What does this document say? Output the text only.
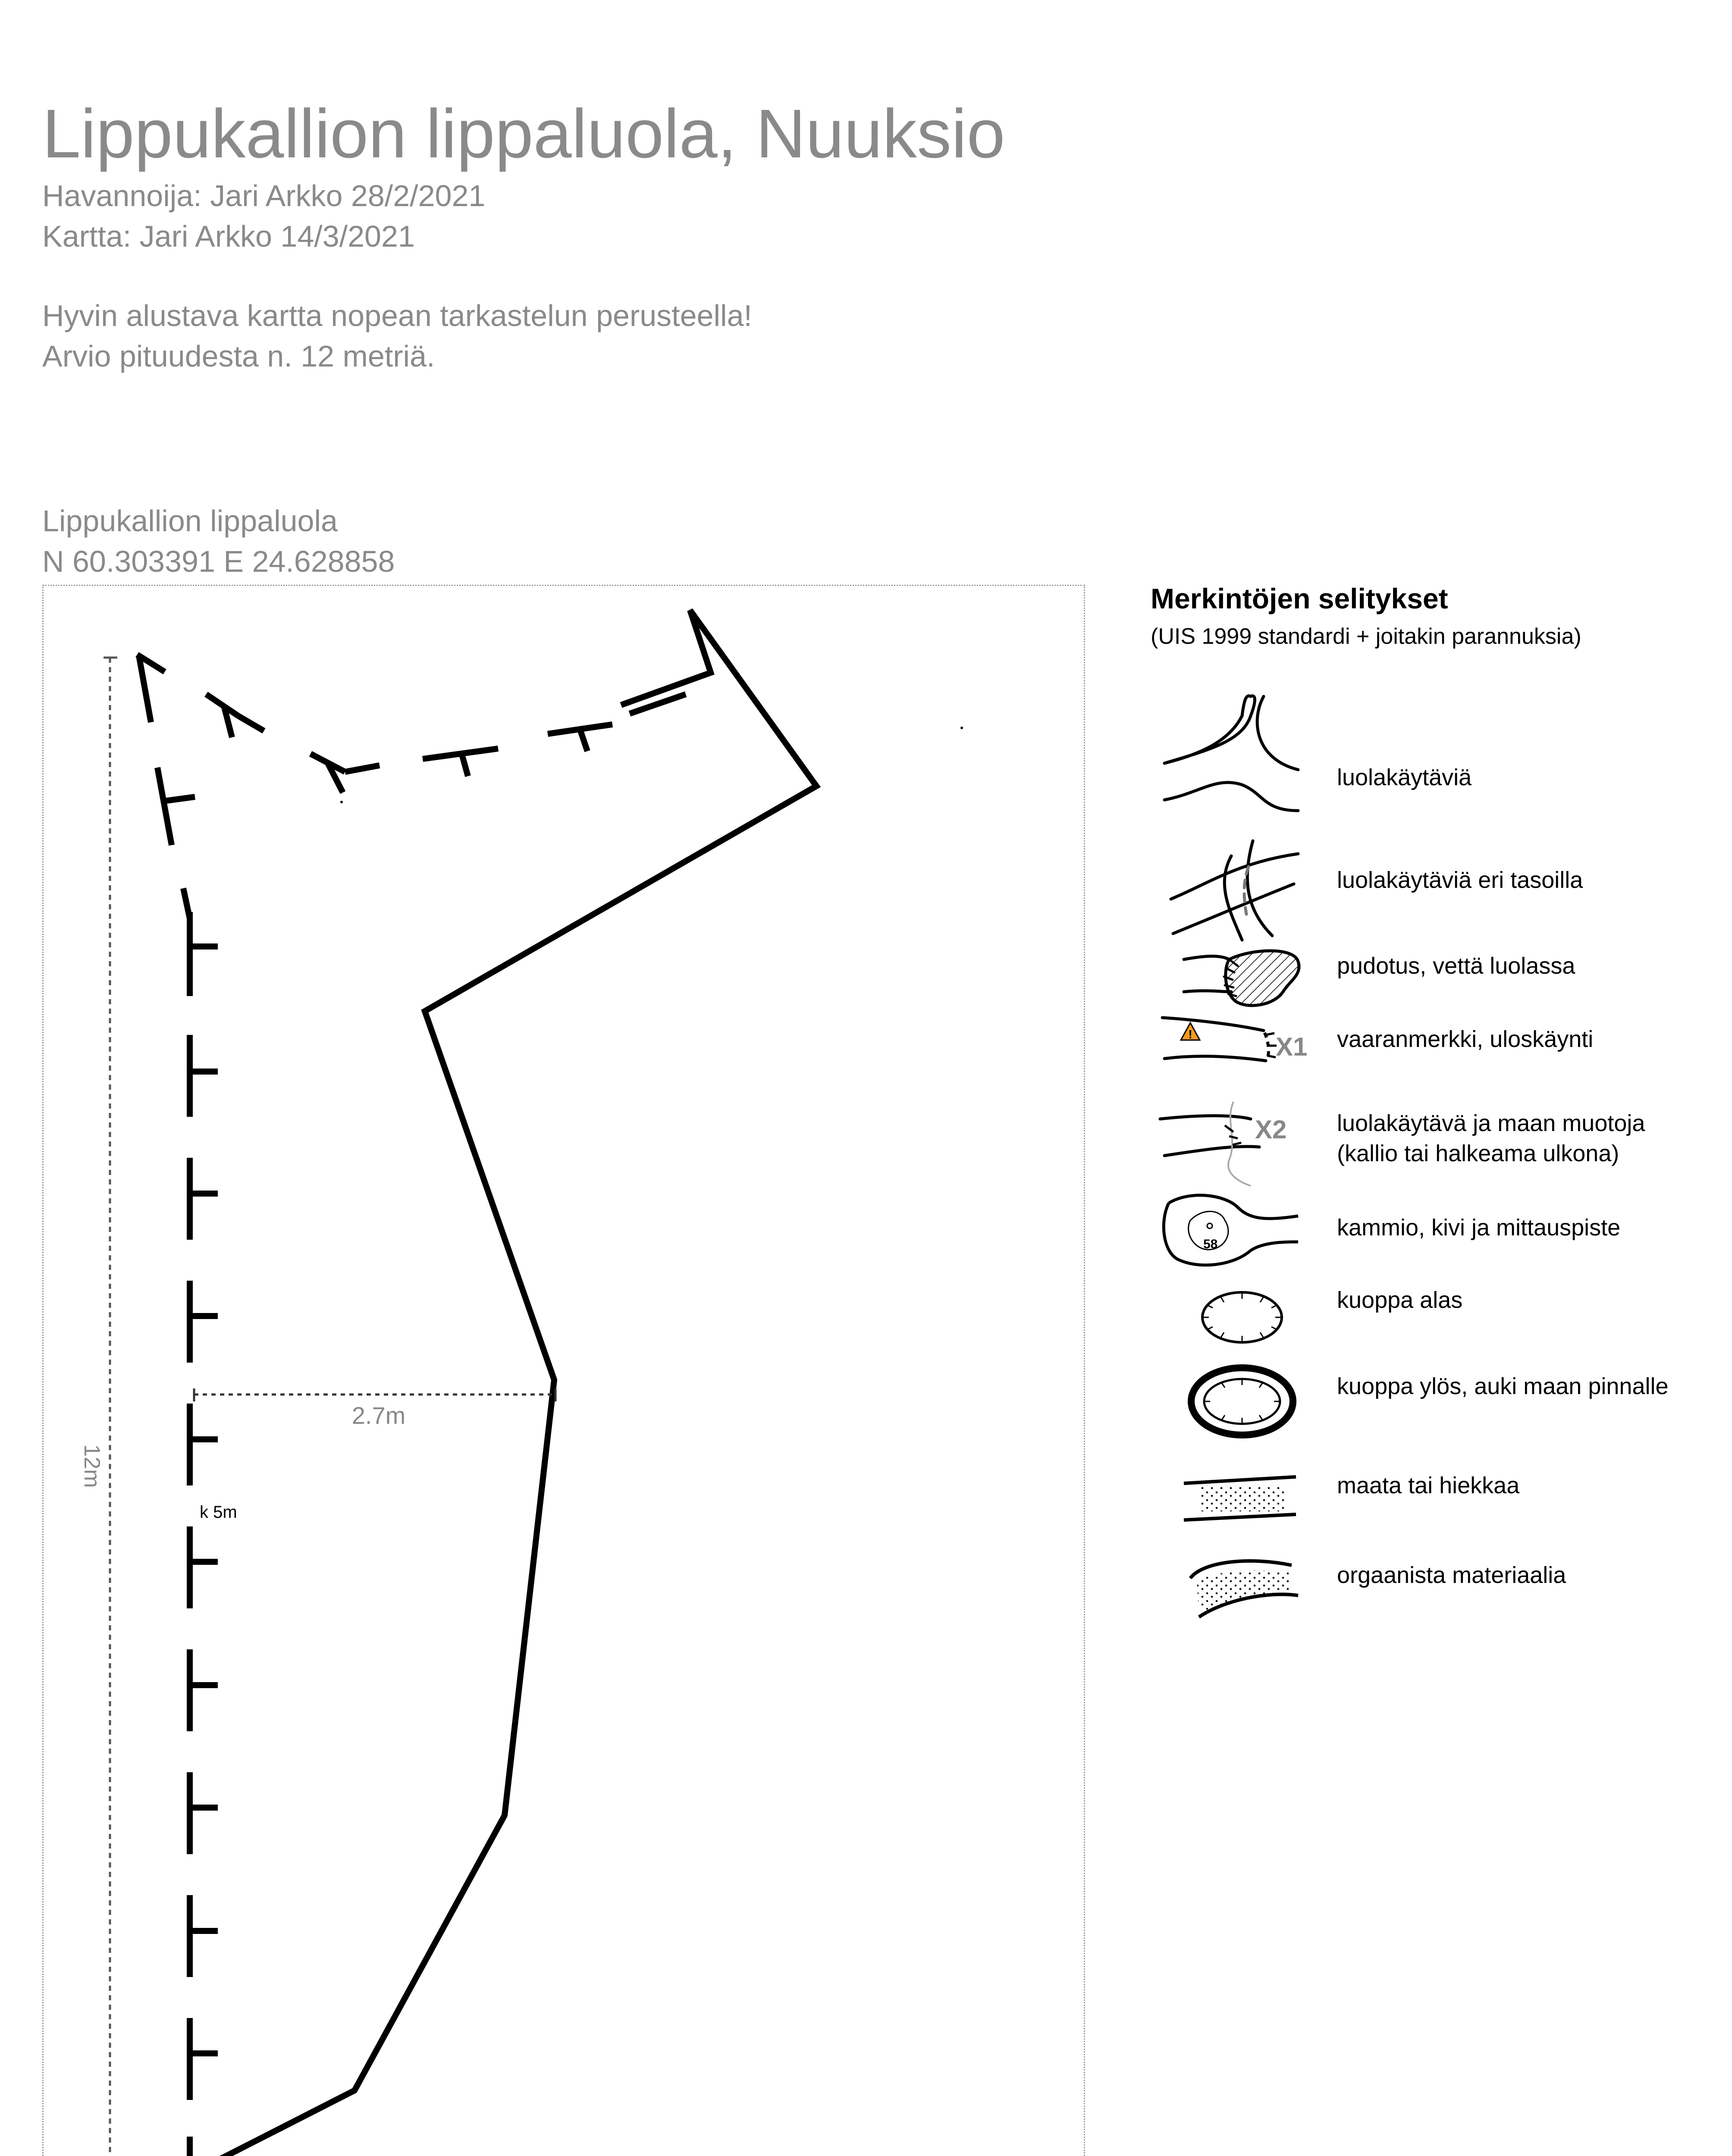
Lippukallion lippaluola, Nuuksio
Havannoija: Jari Arkko 28/2/2021
Kartta: Jari Arkko 14/3/2021
Hyvin alustava kartta nopean tarkastelun perusteella!
Arvio pituudesta n. 12 metriä.
Lippukallion lippaluola
N 60.303391 E 24.628858
12m
2.7m
k 5m
!	X1
X2
58
Merkintöjen selitykset
(UIS 1999 standardi + joitakin parannuksia)
luolakäytäviä
luolakäytäviä eri tasoilla
pudotus, vettä luolassa
vaaranmerkki, uloskäynti
luolakäytävä ja maan muotoja
(kallio tai halkeama ulkona)
kammio, kivi ja mittauspiste
kuoppa alas
kuoppa ylös, auki maan pinnalle
maata tai hiekkaa
orgaanista materiaalia
